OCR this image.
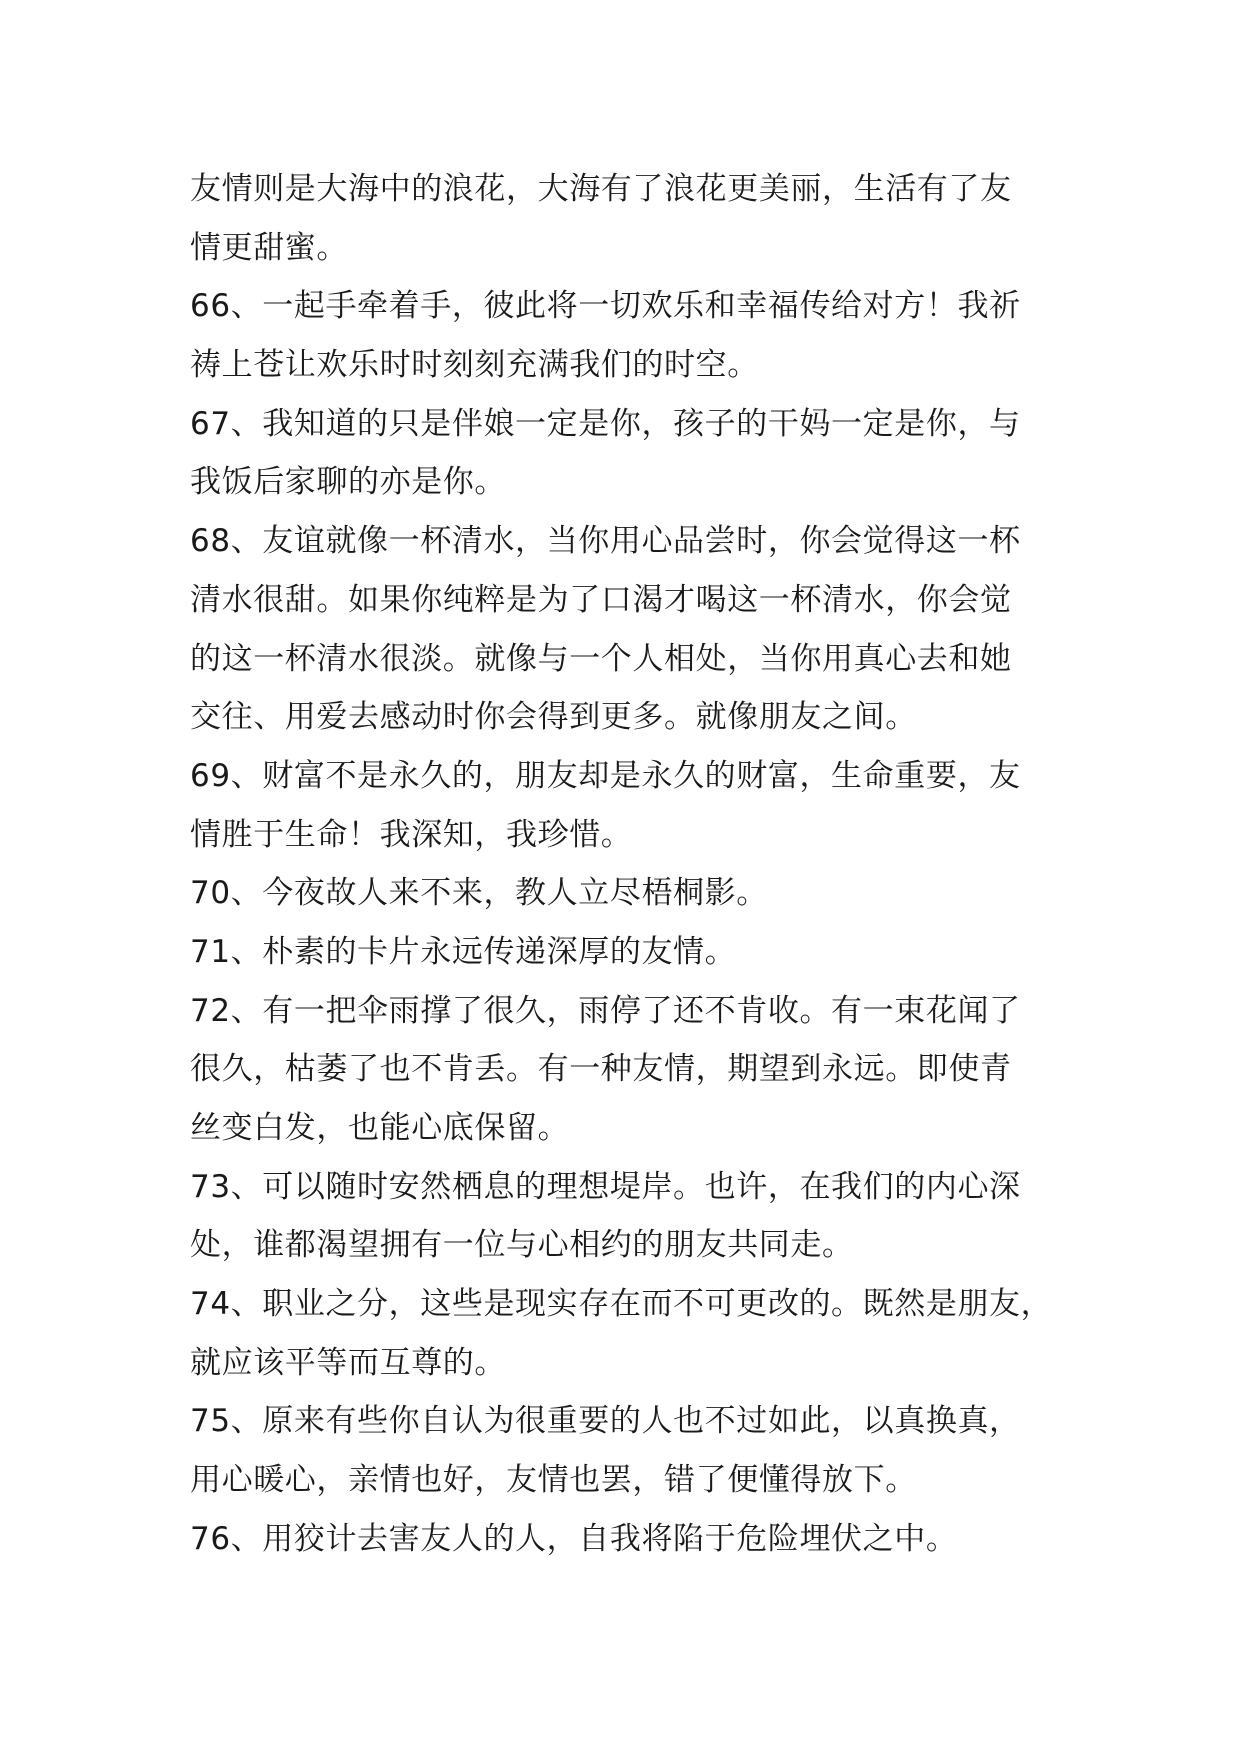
友情则是大海中的浪花，大海有了浪花更美丽，生活有了友
情更甜蜜。
66、一起手牵着手，彼此将一切欢乐和幸福传给对方！我祈
祷上苍让欢乐时时刻刻充满我们的时空。
67、我知道的只是伴娘一定是你，孩子的干妈一定是你，与
我饭后家聊的亦是你。
68、友谊就像一杯清水，当你用心品尝时，你会觉得这一杯
清水很甜。如果你纯粹是为了口渴才喝这一杯清水，你会觉
的这一杯清水很淡。就像与一个人相处，当你用真心去和她
交往、用爱去感动时你会得到更多。就像朋友之间。
69、财富不是永久的，朋友却是永久的财富，生命重要，友
情胜于生命！我深知，我珍惜。
70、今夜故人来不来，教人立尽梧桐影。
71、朴素的卡片永远传递深厚的友情。
72、有一把伞雨撑了很久，雨停了还不肯收。有一束花闻了
很久，枯萎了也不肯丢。有一种友情，期望到永远。即使青
丝变白发，也能心底保留。
73、可以随时安然栖息的理想堤岸。也许，在我们的内心深
处，谁都渴望拥有一位与心相约的朋友共同走。
74、职业之分，这些是现实存在而不可更改的。既然是朋友，
就应该平等而互尊的。
75、原来有些你自认为很重要的人也不过如此，以真换真，
用心暖心，亲情也好，友情也罢，错了便懂得放下。
76、用狡计去害友人的人，自我将陷于危险埋伏之中。
